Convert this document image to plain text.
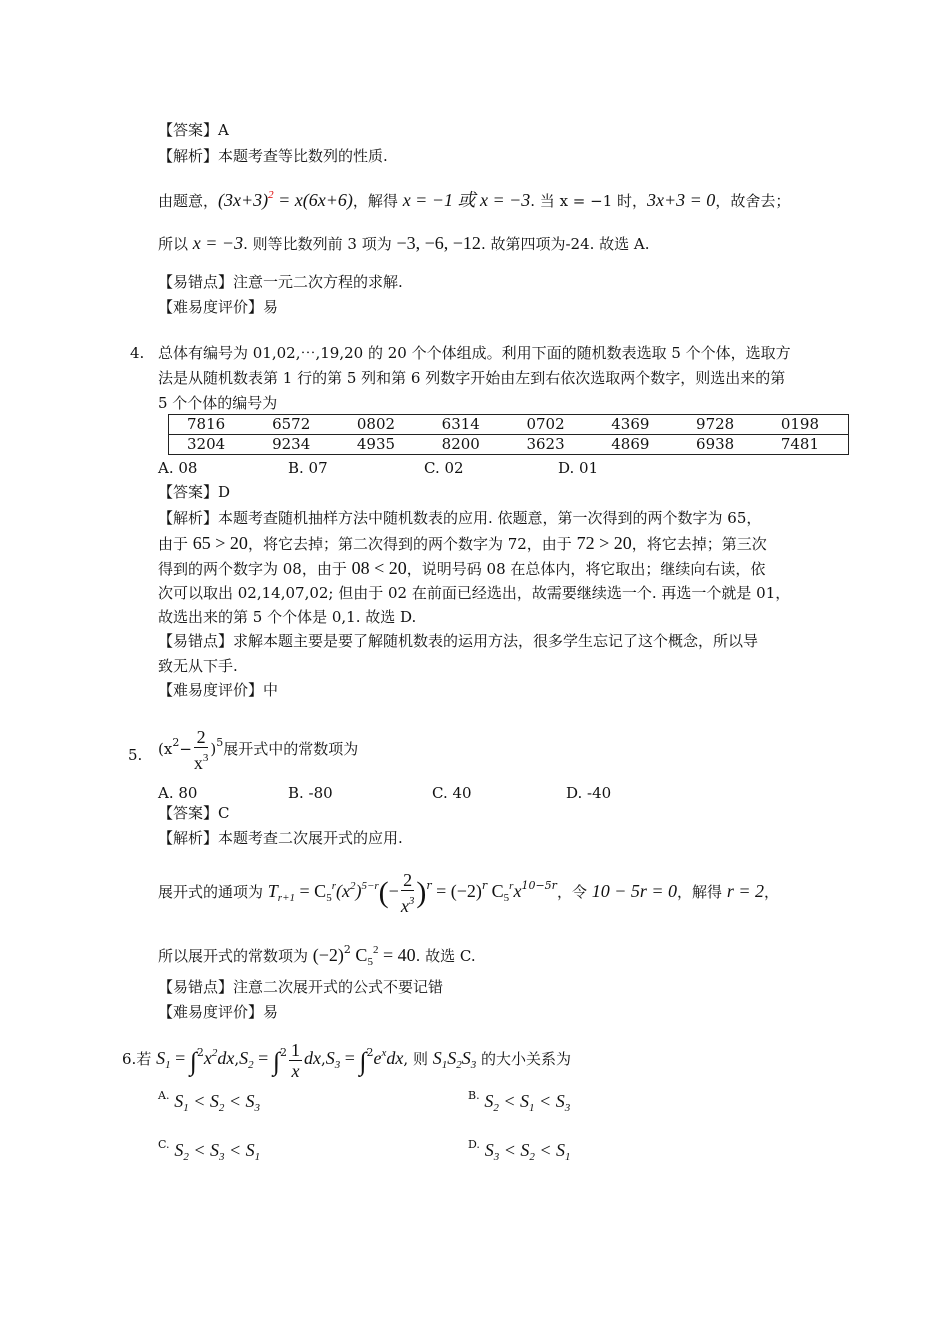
【答案】A
【解析】本题考查等比数列的性质.
由题意，$(3x+3)^2 = x(6x+6)$，解得 x = −1 或 x = −3. 当 x = −1 时，3x+3 = 0，故舍去；
所以 x = −3. 则等比数列前 3 项为 −3, −6, −12. 故第四项为-24. 故选 A.
【易错点】注意一元二次方程的求解.
【难易度评价】易
4. 总体有编号为 01,02,⋯,19,20 的 20 个个体组成。利用下面的随机数表选取 5 个个体，选取方
法是从随机数表第 1 行的第 5 列和第 6 列数字开始由左到右依次选取两个数字，则选出来的第
5 个个体的编号为
7816	6572	0802	6314	0702	4369	9728	0198
3204	9234	4935	8200	3623	4869	6938	7481
A. 08	B. 07	C. 02	D. 01
【答案】D
【解析】本题考查随机抽样方法中随机数表的应用. 依题意，第一次得到的两个数字为 65，
由于 65 > 20，将它去掉；第二次得到的两个数字为 72，由于 72 > 20，将它去掉；第三次
得到的两个数字为 08，由于 08 < 20，说明号码 08 在总体内，将它取出；继续向右读，依
次可以取出 02,14,07,02; 但由于 02 在前面已经选出，故需要继续选一个. 再选一个就是 01，
故选出来的第 5 个个体是 0,1. 故选 D.
【易错点】求解本题主要是要了解随机数表的运用方法，很多学生忘记了这个概念，所以导
致无从下手.
【难易度评价】中
5. $(x^2- \frac{2}{x^3} )^5$展开式中的常数项为
A. 80	B. -80	C. 40	D. -40
【答案】C
【解析】本题考查二次展开式的应用.
展开式的通项为 $T_{r+1} = C_5^r(x^2)^{5-r}(- \frac{2}{x^3} )^r = (-2)^r$ $C_5^rx^{10-5r}$，令 10 − 5r = 0，解得 r = 2，
所以展开式的常数项为 $(-2)^2$ $C_5^2 = 40$. 故选 C.
【易错点】注意二次展开式的公式不要记错
【难易度评价】易
6.若 $S_1 = \int^2x^2dx,S_2 = \int^2 \frac{1}{x} dx,S_3 = \int^2e^xdx$, 则 $S_1S_2S_3$ 的大小关系为
$^{A.}$ $S_1 < S_2 < S_3$
$^{B.}$ $S_2 < S_1 < S_3$
$^{C.}$ $S_2 < S_3 < S_1$
$^{D.}$ $S_3 < S_2 < S_1$
